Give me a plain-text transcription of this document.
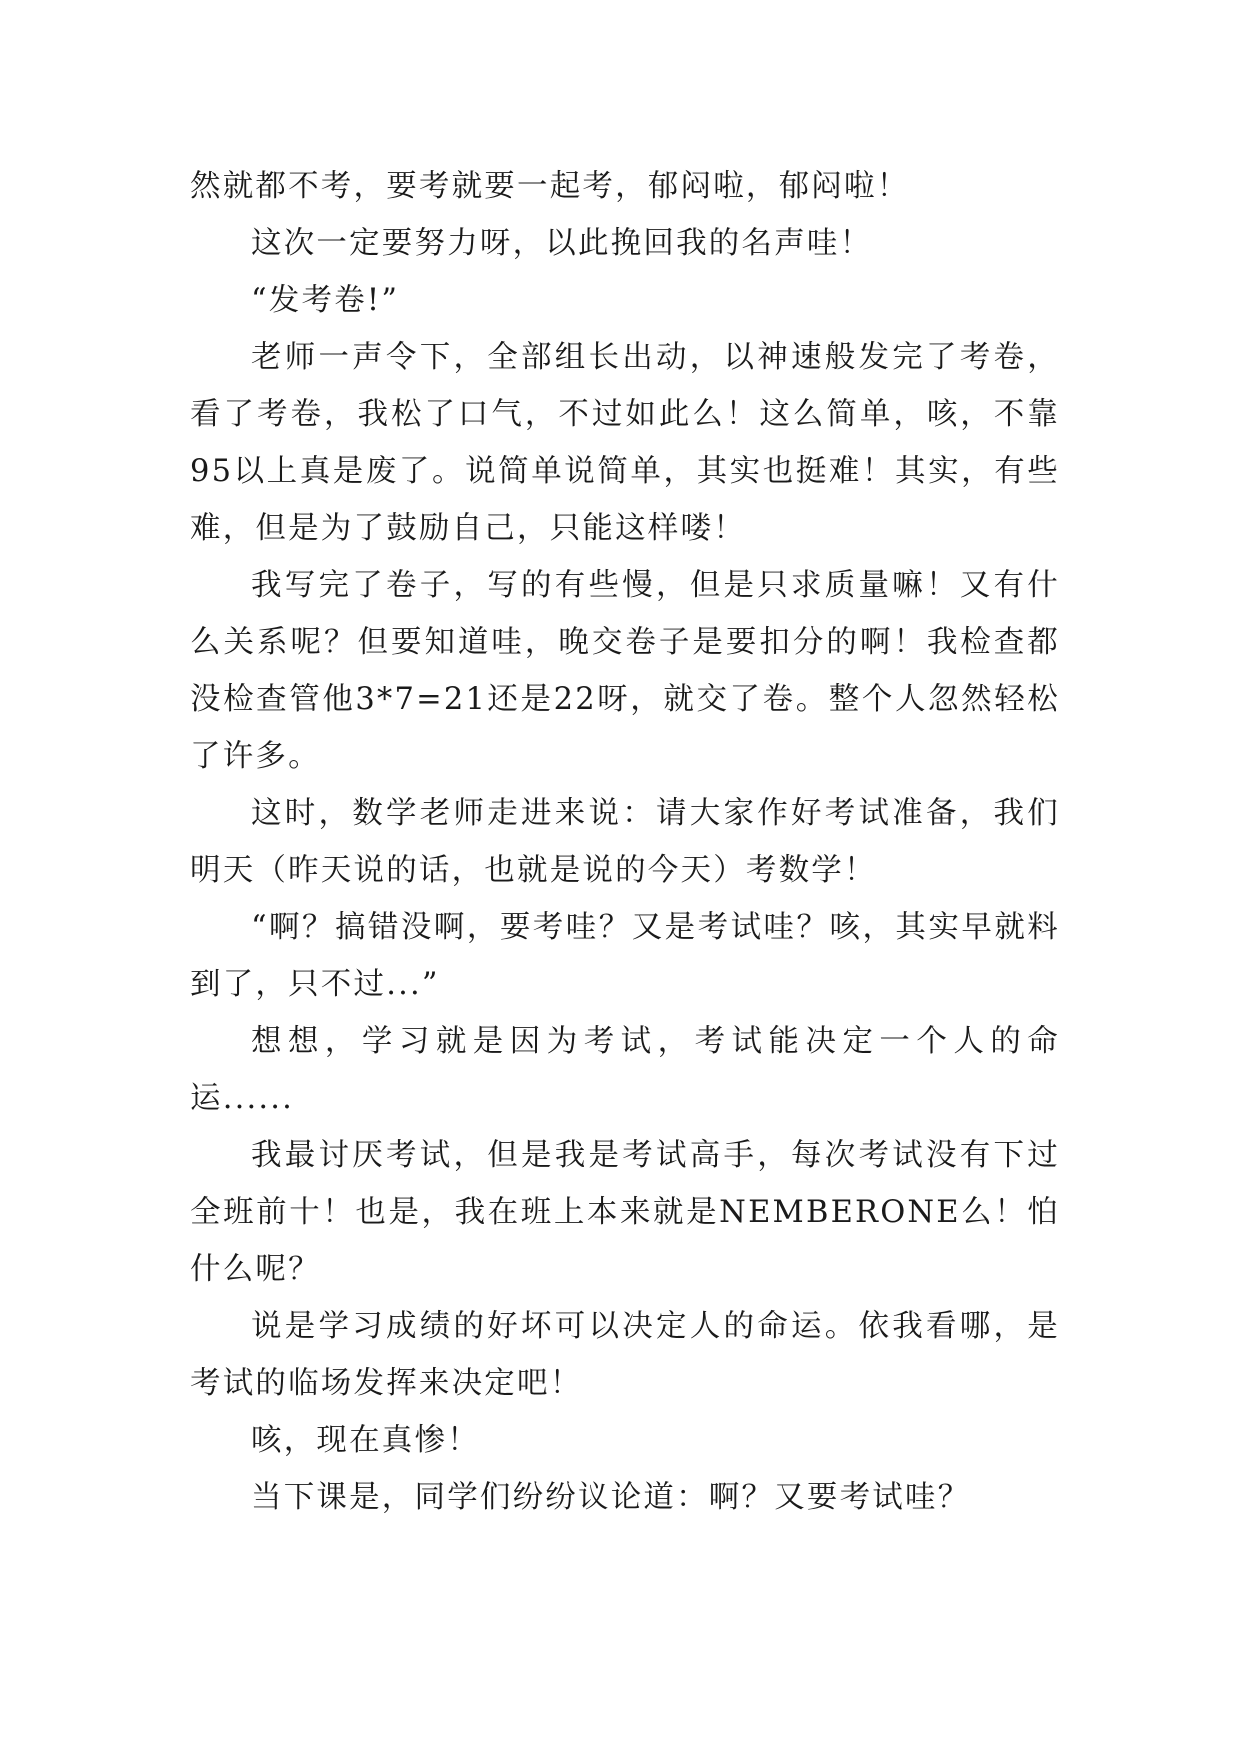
然就都不考，要考就要一起考，郁闷啦，郁闷啦！

这次一定要努力呀，以此挽回我的名声哇！

“发考卷!”

老师一声令下，全部组长出动，以神速般发完了考卷，看了考卷，我松了口气，不过如此么！这么简单，咳，不靠95以上真是废了。说简单说简单，其实也挺难！其实，有些难，但是为了鼓励自己，只能这样喽！

我写完了卷子，写的有些慢，但是只求质量嘛！又有什么关系呢？但要知道哇，晚交卷子是要扣分的啊！我检查都没检查管他3*7=21还是22呀，就交了卷。整个人忽然轻松了许多。

这时，数学老师走进来说：请大家作好考试准备，我们明天（昨天说的话，也就是说的今天）考数学！

“啊？搞错没啊，要考哇？又是考试哇？咳，其实早就料到了，只不过...”

想想，学习就是因为考试，考试能决定一个人的命运......

我最讨厌考试，但是我是考试高手，每次考试没有下过全班前十！也是，我在班上本来就是NEMBERONE么！怕什么呢？

说是学习成绩的好坏可以决定人的命运。依我看哪，是考试的临场发挥来决定吧！

咳，现在真惨！

当下课是，同学们纷纷议论道：啊？又要考试哇？
